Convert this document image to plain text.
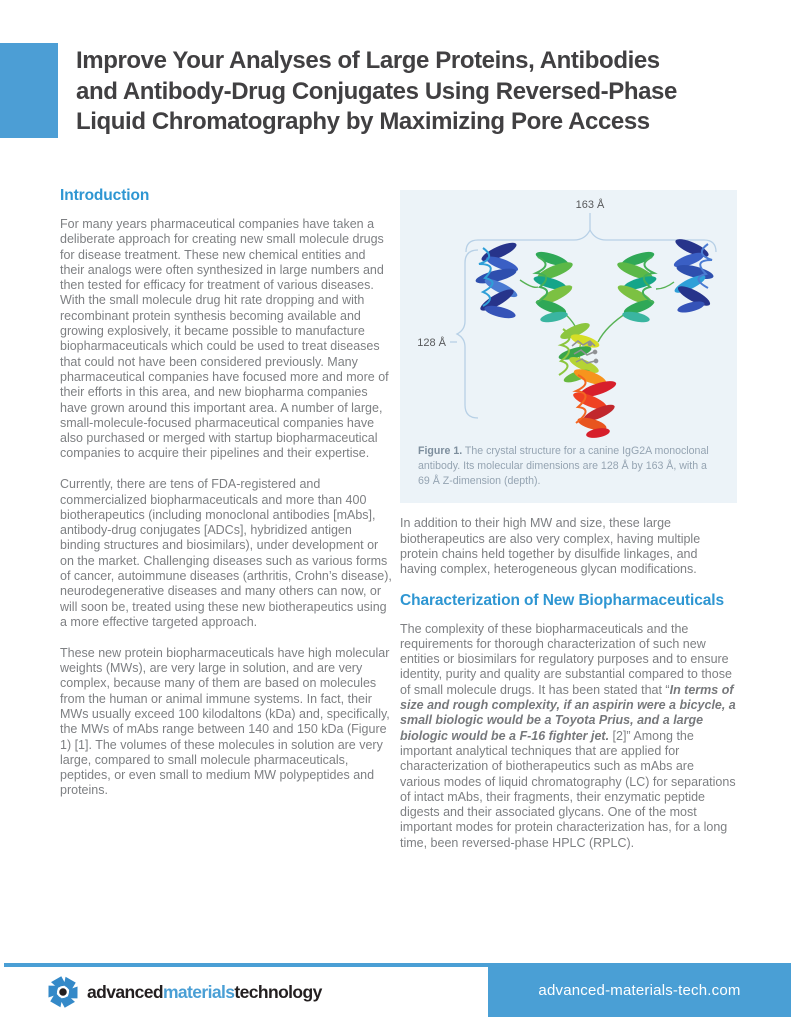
Improve Your Analyses of Large Proteins, Antibodies
and Antibody-Drug Conjugates Using Reversed-Phase
Liquid Chromatography by Maximizing Pore Access
Introduction

For many years pharmaceutical companies have taken a deliberate approach for creating new small molecule drugs for disease treatment. These new chemical entities and their analogs were often synthesized in large numbers and then tested for efficacy for treatment of various diseases. With the small molecule drug hit rate dropping and with recombinant protein synthesis becoming available and growing explosively, it became possible to manufacture biopharmaceuticals which could be used to treat diseases that could not have been considered previously. Many pharmaceutical companies have focused more and more of their efforts in this area, and new biopharma companies have grown around this important area. A number of large, small-molecule-focused pharmaceutical companies have also purchased or merged with startup biopharmaceutical companies to acquire their pipelines and their expertise.

Currently, there are tens of FDA-registered and commercialized biopharmaceuticals and more than 400 biotherapeutics (including monoclonal antibodies [mAbs], antibody-drug conjugates [ADCs], hybridized antigen binding structures and biosimilars), under development or on the market. Challenging diseases such as various forms of cancer, autoimmune diseases (arthritis, Crohn’s disease), neurodegenerative diseases and many others can now, or will soon be, treated using these new biotherapeutics using a more effective targeted approach.

These new protein biopharmaceuticals have high molecular weights (MWs), are very large in solution, and are very complex, because many of them are based on molecules from the human or animal immune systems. In fact, their MWs usually exceed 100 kilodaltons (kDa) and, specifically, the MWs of mAbs range between 140 and 150 kDa (Figure 1) [1]. The volumes of these molecules in solution are very large, compared to small molecule pharmaceuticals, peptides, or even small to medium MW polypeptides and proteins.

163 Å
128 Å
Figure 1. The crystal structure for a canine IgG2A monoclonal antibody. Its molecular dimensions are 128 Å by 163 Å, with a 69 Å Z-dimension (depth).

In addition to their high MW and size, these large biotherapeutics are also very complex, having multiple protein chains held together by disulfide linkages, and having complex, heterogeneous glycan modifications.

Characterization of New Biopharmaceuticals

The complexity of these biopharmaceuticals and the requirements for thorough characterization of such new entities or biosimilars for regulatory purposes and to ensure identity, purity and quality are substantial compared to those of small molecule drugs. It has been stated that “In terms of size and rough complexity, if an aspirin were a bicycle, a small biologic would be a Toyota Prius, and a large biologic would be a F-16 fighter jet. [2]” Among the important analytical techniques that are applied for characterization of biotherapeutics such as mAbs are various modes of liquid chromatography (LC) for separations of intact mAbs, their fragments, their enzymatic peptide digests and their associated glycans. One of the most important modes for protein characterization has, for a long time, been reversed-phase HPLC (RPLC).

advancedmaterialstechnology	advanced-materials-tech.com
